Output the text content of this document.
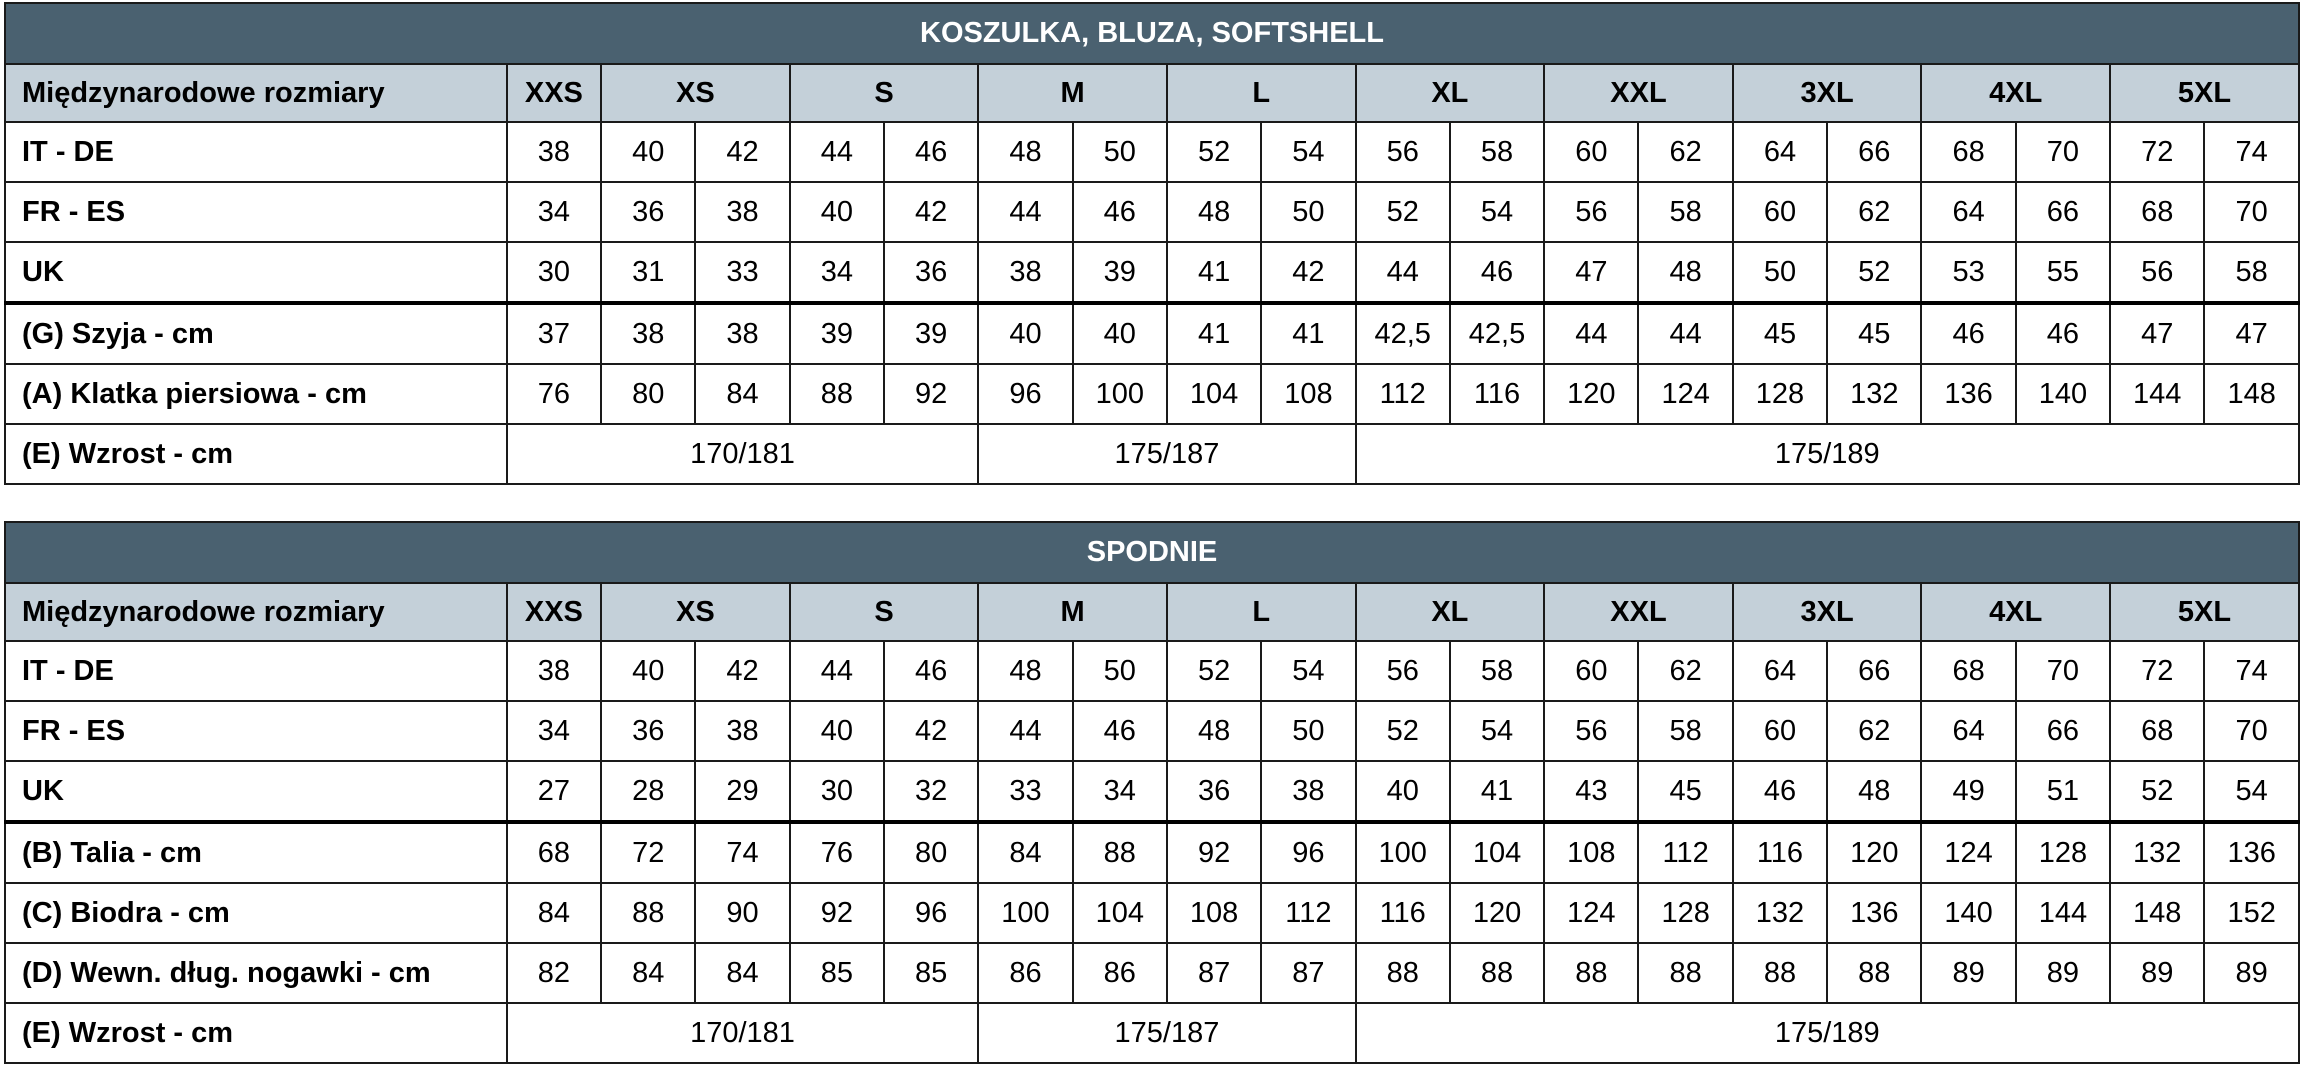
KOSZULKA, BLUZA, SOFTSHELL																			
Międzynarodowe rozmiary	XXS	XS		S		M		L		XL		XXL		3XL		4XL		5XL	
IT - DE	38	40	42	44	46	48	50	52	54	56	58	60	62	64	66	68	70	72	74
FR - ES	34	36	38	40	42	44	46	48	50	52	54	56	58	60	62	64	66	68	70
UK	30	31	33	34	36	38	39	41	42	44	46	47	48	50	52	53	55	56	58
(G) Szyja - cm	37	38	38	39	39	40	40	41	41	42,5	42,5	44	44	45	45	46	46	47	47
(A) Klatka piersiowa - cm	76	80	84	88	92	96	100	104	108	112	116	120	124	128	132	136	140	144	148
(E) Wzrost - cm	170/181					175/187				175/189									
SPODNIE																			
Międzynarodowe rozmiary	XXS	XS		S		M		L		XL		XXL		3XL		4XL		5XL	
IT - DE	38	40	42	44	46	48	50	52	54	56	58	60	62	64	66	68	70	72	74
FR - ES	34	36	38	40	42	44	46	48	50	52	54	56	58	60	62	64	66	68	70
UK	27	28	29	30	32	33	34	36	38	40	41	43	45	46	48	49	51	52	54
(B) Talia - cm	68	72	74	76	80	84	88	92	96	100	104	108	112	116	120	124	128	132	136
(C) Biodra - cm	84	88	90	92	96	100	104	108	112	116	120	124	128	132	136	140	144	148	152
(D) Wewn. dług. nogawki - cm	82	84	84	85	85	86	86	87	87	88	88	88	88	88	88	89	89	89	89
(E) Wzrost - cm	170/181					175/187				175/189									
